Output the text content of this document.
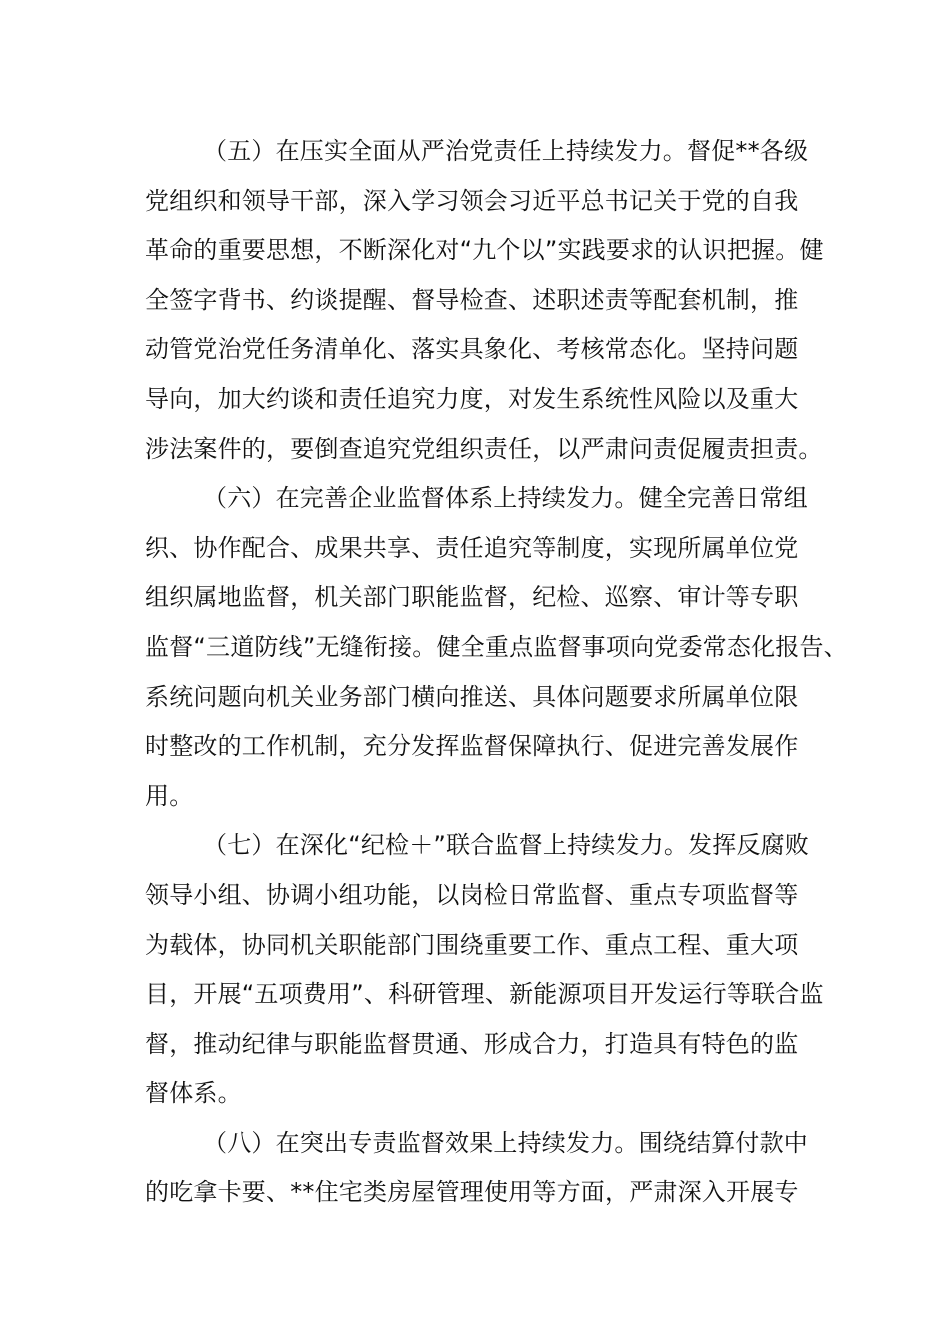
（五）在压实全面从严治党责任上持续发力。督促**各级
党组织和领导干部，深入学习领会习近平总书记关于党的自我
革命的重要思想，不断深化对“九个以”实践要求的认识把握。健
全签字背书、约谈提醒、督导检查、述职述责等配套机制，推
动管党治党任务清单化、落实具象化、考核常态化。坚持问题
导向，加大约谈和责任追究力度，对发生系统性风险以及重大
涉法案件的，要倒查追究党组织责任，以严肃问责促履责担责。
（六）在完善企业监督体系上持续发力。健全完善日常组
织、协作配合、成果共享、责任追究等制度，实现所属单位党
组织属地监督，机关部门职能监督，纪检、巡察、审计等专职
监督“三道防线”无缝衔接。健全重点监督事项向党委常态化报告、
系统问题向机关业务部门横向推送、具体问题要求所属单位限
时整改的工作机制，充分发挥监督保障执行、促进完善发展作
用。
（七）在深化“纪检＋”联合监督上持续发力。发挥反腐败
领导小组、协调小组功能，以岗检日常监督、重点专项监督等
为载体，协同机关职能部门围绕重要工作、重点工程、重大项
目，开展“五项费用”、科研管理、新能源项目开发运行等联合监
督，推动纪律与职能监督贯通、形成合力，打造具有特色的监
督体系。
（八）在突出专责监督效果上持续发力。围绕结算付款中
的吃拿卡要、**住宅类房屋管理使用等方面，严肃深入开展专
